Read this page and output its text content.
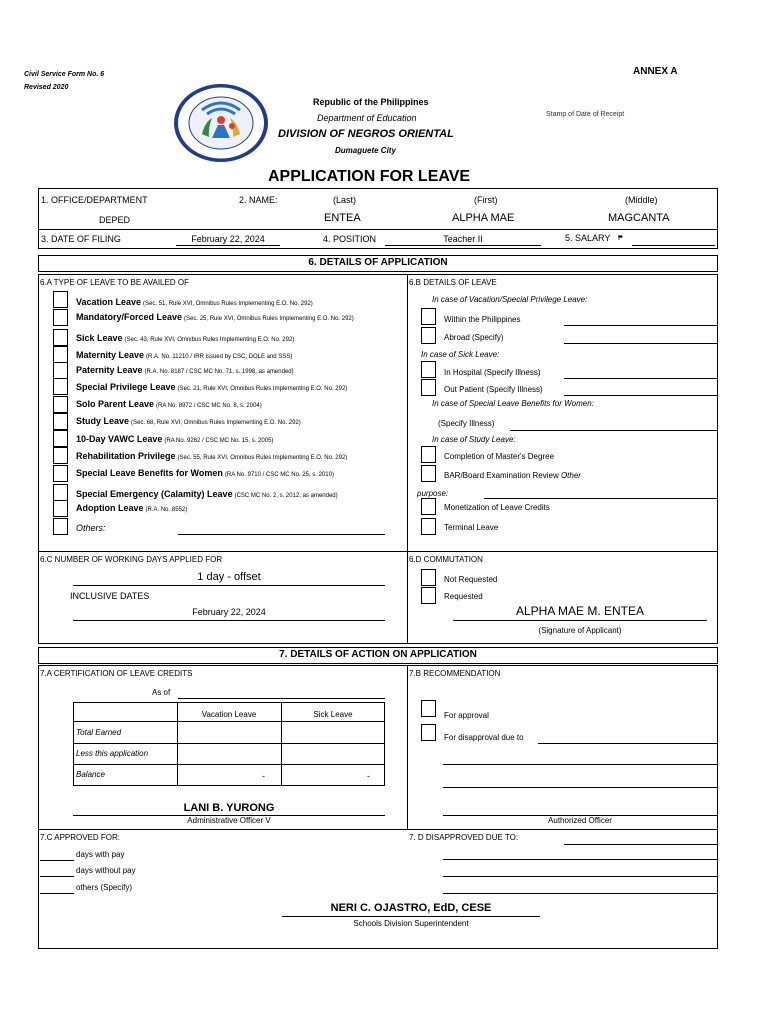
Civil Service Form No. 6
Revised 2020
ANNEX A
Republic of the Philippines
Department of Education
DIVISION OF NEGROS ORIENTAL
Dumaguete City
Stamp of Date of Receipt
APPLICATION FOR LEAVE
1. OFFICE/DEPARTMENT
DEPED
2. NAME:	(Last)	(First)	(Middle)
ENTEA	ALPHA MAE	MAGCANTA
3. DATE OF FILING	February 22, 2024	4. POSITION	Teacher II	5. SALARY ₱
6. DETAILS OF APPLICATION
6.A TYPE OF LEAVE TO BE AVAILED OF
Vacation Leave (Sec. 51, Rule XVI, Omnibus Rules Implementing E.O. No. 292)
Mandatory/Forced Leave (Sec. 25, Rule XVI, Omnibus Rules Implementing E.O. No. 292)
Sick Leave (Sec. 43, Rule XVI, Omnibus Rules Implementing E.O. No. 292)
Maternity Leave (R.A. No. 11210 / IRR issued by CSC, DOLE and SSS)
Paternity Leave (R.A. No. 8187 / CSC MC No. 71, s. 1998, as amended)
Special Privilege Leave (Sec. 21, Rule XVI, Omnibus Rules Implementing E.O. No. 292)
Solo Parent Leave (RA No. 8972 / CSC MC No. 8, s. 2004)
Study Leave (Sec. 68, Rule XVI, Omnibus Rules Implementing E.O. No. 292)
10-Day VAWC Leave (RA No. 9262 / CSC MC No. 15, s. 2005)
Rehabilitation Privilege (Sec. 55, Rule XVI, Omnibus Rules Implementing E.O. No. 292)
Special Leave Benefits for Women (RA No. 9710 / CSC MC No. 25, s. 2010)
Special Emergency (Calamity) Leave (CSC MC No. 2, s. 2012, as amended)
Adoption Leave (R.A. No. 8552)
Others:
6.B DETAILS OF LEAVE
In case of Vacation/Special Privilege Leave:
Within the Philippines
Abroad (Specify)
In case of Sick Leave:
In Hospital (Specify Illness)
Out Patient (Specify Illness)
In case of Special Leave Benefits for Women:
(Specify Illness)
In case of Study Leave:
Completion of Master's Degree
BAR/Board Examination Review Other
purpose:
Monetization of Leave Credits
Terminal Leave
6.C NUMBER OF WORKING DAYS APPLIED FOR
1 day - offset
INCLUSIVE DATES
February 22, 2024
6.D COMMUTATION
Not Requested
Requested
ALPHA MAE M. ENTEA
(Signature of Applicant)
7. DETAILS OF ACTION ON APPLICATION
7.A CERTIFICATION OF LEAVE CREDITS
As of
Vacation Leave	Sick Leave
Total Earned
Less this application
Balance	-	-
LANI B. YURONG
Administrative Officer V
7.B RECOMMENDATION
For approval
For disapproval due to
Authorized Officer
7.C APPROVED FOR:
days with pay
days without pay
others (Specify)
7. D DISAPPROVED DUE TO:
NERI C. OJASTRO, EdD, CESE
Schools Division Superintendent
